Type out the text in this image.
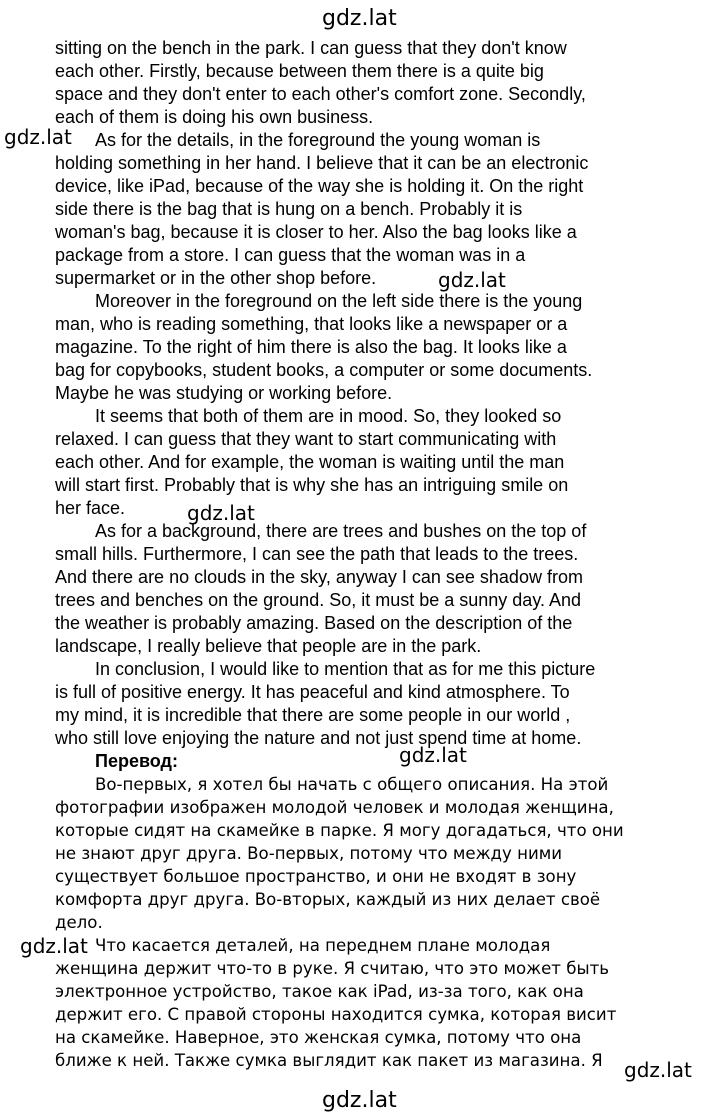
sitting on the bench in the park. I can guess that they don't know
each other. Firstly, because between them there is a quite big
space and they don't enter to each other's comfort zone. Secondly,
each of them is doing his own business.
As for the details, in the foreground the young woman is
holding something in her hand. I believe that it can be an electronic
device, like iPad, because of the way she is holding it. On the right
side there is the bag that is hung on a bench. Probably it is
woman's bag, because it is closer to her. Also the bag looks like a
package from a store. I can guess that the woman was in a
supermarket or in the other shop before.
Moreover in the foreground on the left side there is the young
man, who is reading something, that looks like a newspaper or a
magazine. To the right of him there is also the bag. It looks like a
bag for copybooks, student books, a computer or some documents.
Maybe he was studying or working before.
It seems that both of them are in mood. So, they looked so
relaxed. I can guess that they want to start communicating with
each other. And for example, the woman is waiting until the man
will start first. Probably that is why she has an intriguing smile on
her face.
As for a background, there are trees and bushes on the top of
small hills. Furthermore, I can see the path that leads to the trees.
And there are no clouds in the sky, anyway I can see shadow from
trees and benches on the ground. So, it must be a sunny day. And
the weather is probably amazing. Based on the description of the
landscape, I really believe that people are in the park.
In conclusion, I would like to mention that as for me this picture
is full of positive energy. It has peaceful and kind atmosphere. To
my mind, it is incredible that there are some people in our world ,
who still love enjoying the nature and not just spend time at home.
Перевод:
Во-первых, я хотел бы начать с общего описания. На этой
фотографии изображен молодой человек и молодая женщина,
которые сидят на скамейке в парке. Я могу догадаться, что они
не знают друг друга. Во-первых, потому что между ними
существует большое пространство, и они не входят в зону
комфорта друг друга. Во-вторых, каждый из них делает своё
дело.
Что касается деталей, на переднем плане молодая
женщина держит что-то в руке. Я считаю, что это может быть
электронное устройство, такое как iPad, из-за того, как она
держит его. С правой стороны находится сумка, которая висит
на скамейке. Наверное, это женская сумка, потому что она
ближе к ней. Также сумка выглядит как пакет из магазина. Я
gdz.lat
gdz.lat
gdz.lat
gdz.lat
gdz.lat
gdz.lat
gdz.lat
gdz.lat
